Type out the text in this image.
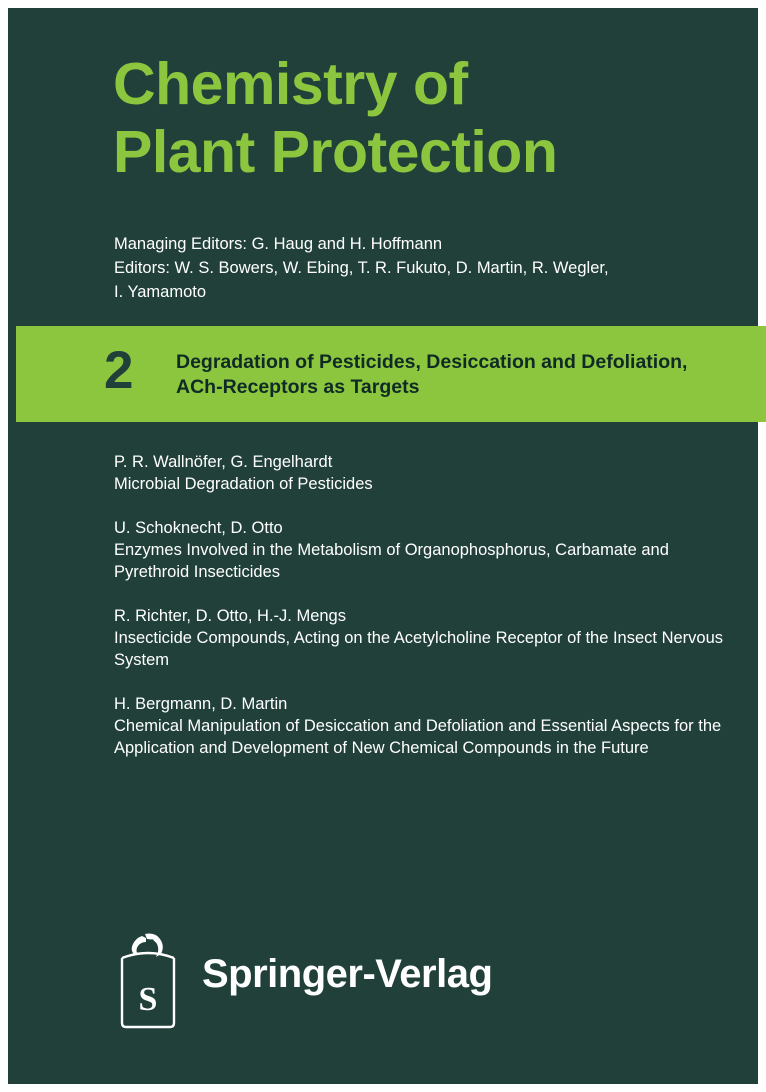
Chemistry of
Plant Protection
Managing Editors: G. Haug and H. Hoffmann
Editors: W. S. Bowers, W. Ebing, T. R. Fukuto, D. Martin, R. Wegler,
I. Yamamoto
2 Degradation of Pesticides, Desiccation and Defoliation, ACh-Receptors as Targets
P. R. Wallnöfer, G. Engelhardt
Microbial Degradation of Pesticides
U. Schoknecht, D. Otto
Enzymes Involved in the Metabolism of Organophosphorus, Carbamate and Pyrethroid Insecticides
R. Richter, D. Otto, H.-J. Mengs
Insecticide Compounds, Acting on the Acetylcholine Receptor of the Insect Nervous System
H. Bergmann, D. Martin
Chemical Manipulation of Desiccation and Defoliation and Essential Aspects for the Application and Development of New Chemical Compounds in the Future
S
Springer-Verlag
